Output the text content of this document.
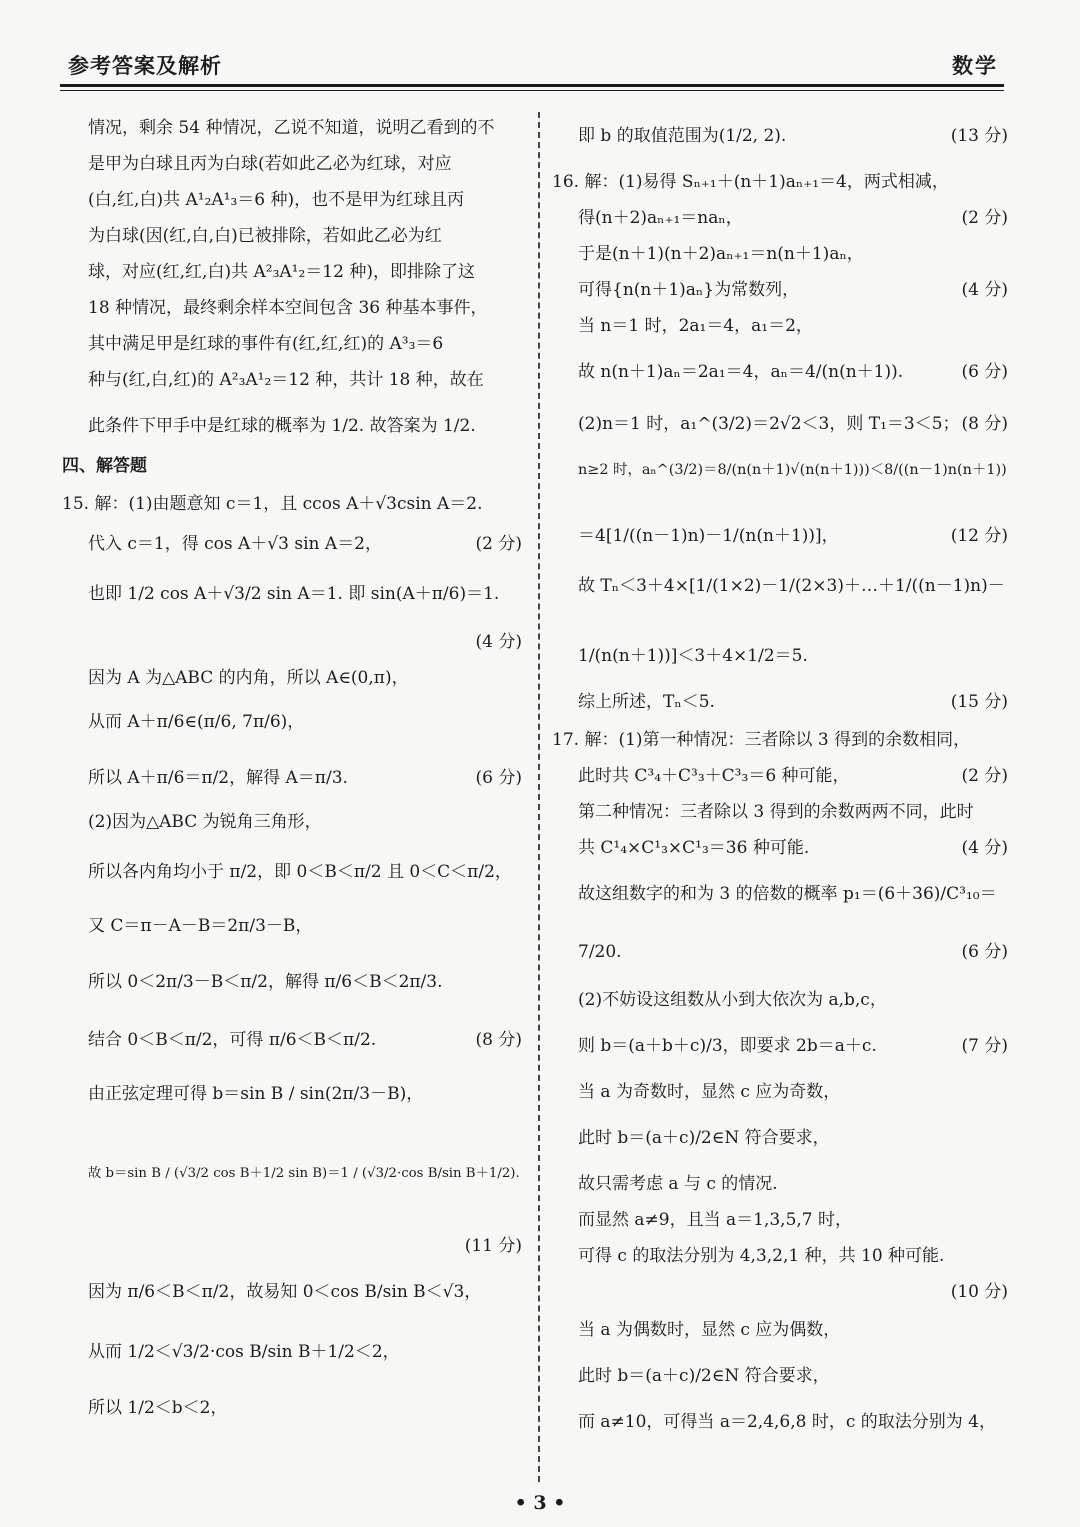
参考答案及解析	数学
情况，剩余 54 种情况，乙说不知道，说明乙看到的不
是甲为白球且丙为白球(若如此乙必为红球，对应
(白,红,白)共 A¹₂A¹₃＝6 种)，也不是甲为红球且丙
为白球(因(红,白,白)已被排除，若如此乙必为红
球，对应(红,红,白)共 A²₃A¹₂＝12 种)，即排除了这
18 种情况，最终剩余样本空间包含 36 种基本事件，
其中满足甲是红球的事件有(红,红,红)的 A³₃＝6
种与(红,白,红)的 A²₃A¹₂＝12 种，共计 18 种，故在
此条件下甲手中是红球的概率为 1/2. 故答案为 1/2.
四、解答题
15. 解：(1)由题意知 c＝1，且 ccos A＋√3csin A＝2.
代入 c＝1，得 cos A＋√3 sin A＝2，	(2 分)
也即 1/2 cos A＋√3/2 sin A＝1. 即 sin(A＋π/6)＝1.
(4 分)
因为 A 为△ABC 的内角，所以 A∈(0,π)，
从而 A＋π/6∈(π/6, 7π/6)，
所以 A＋π/6＝π/2，解得 A＝π/3.	(6 分)
(2)因为△ABC 为锐角三角形，
所以各内角均小于 π/2，即 0＜B＜π/2 且 0＜C＜π/2，
又 C＝π－A－B＝2π/3－B，
所以 0＜2π/3－B＜π/2，解得 π/6＜B＜2π/3.
结合 0＜B＜π/2，可得 π/6＜B＜π/2.	(8 分)
由正弦定理可得 b＝sin B / sin(2π/3－B)，
故 b＝sin B / (√3/2 cos B＋1/2 sin B)＝1 / (√3/2·cos B/sin B＋1/2).
(11 分)
因为 π/6＜B＜π/2，故易知 0＜cos B/sin B＜√3，
从而 1/2＜√3/2·cos B/sin B＋1/2＜2，
所以 1/2＜b＜2，
即 b 的取值范围为(1/2, 2).	(13 分)
16. 解：(1)易得 Sₙ₊₁＋(n＋1)aₙ₊₁＝4，两式相减，
得(n＋2)aₙ₊₁＝naₙ，	(2 分)
于是(n＋1)(n＋2)aₙ₊₁＝n(n＋1)aₙ，
可得{n(n＋1)aₙ}为常数列，	(4 分)
当 n＝1 时，2a₁＝4，a₁＝2，
故 n(n＋1)aₙ＝2a₁＝4，aₙ＝4/(n(n＋1)).	(6 分)
(2)n＝1 时，a₁^(3/2)＝2√2＜3，则 T₁＝3＜5； (8 分)
n≥2 时，aₙ^(3/2)＝8/(n(n＋1)√(n(n＋1)))＜8/((n－1)n(n＋1))
＝4[1/((n－1)n)－1/(n(n＋1))]，	(12 分)
故 Tₙ＜3＋4×[1/(1×2)－1/(2×3)＋…＋1/((n－1)n)－
1/(n(n＋1))]＜3＋4×1/2＝5.
综上所述，Tₙ＜5.	(15 分)
17. 解：(1)第一种情况：三者除以 3 得到的余数相同，
此时共 C³₄＋C³₃＋C³₃＝6 种可能，	(2 分)
第二种情况：三者除以 3 得到的余数两两不同，此时
共 C¹₄×C¹₃×C¹₃＝36 种可能.	(4 分)
故这组数字的和为 3 的倍数的概率 p₁＝(6＋36)/C³₁₀＝
7/20.	(6 分)
(2)不妨设这组数从小到大依次为 a,b,c，
则 b＝(a＋b＋c)/3，即要求 2b＝a＋c.	(7 分)
当 a 为奇数时，显然 c 应为奇数，
此时 b＝(a＋c)/2∈N 符合要求，
故只需考虑 a 与 c 的情况.
而显然 a≠9，且当 a＝1,3,5,7 时，
可得 c 的取法分别为 4,3,2,1 种，共 10 种可能.
(10 分)
当 a 为偶数时，显然 c 应为偶数，
此时 b＝(a＋c)/2∈N 符合要求，
而 a≠10，可得当 a＝2,4,6,8 时，c 的取法分别为 4，
• 3 •
